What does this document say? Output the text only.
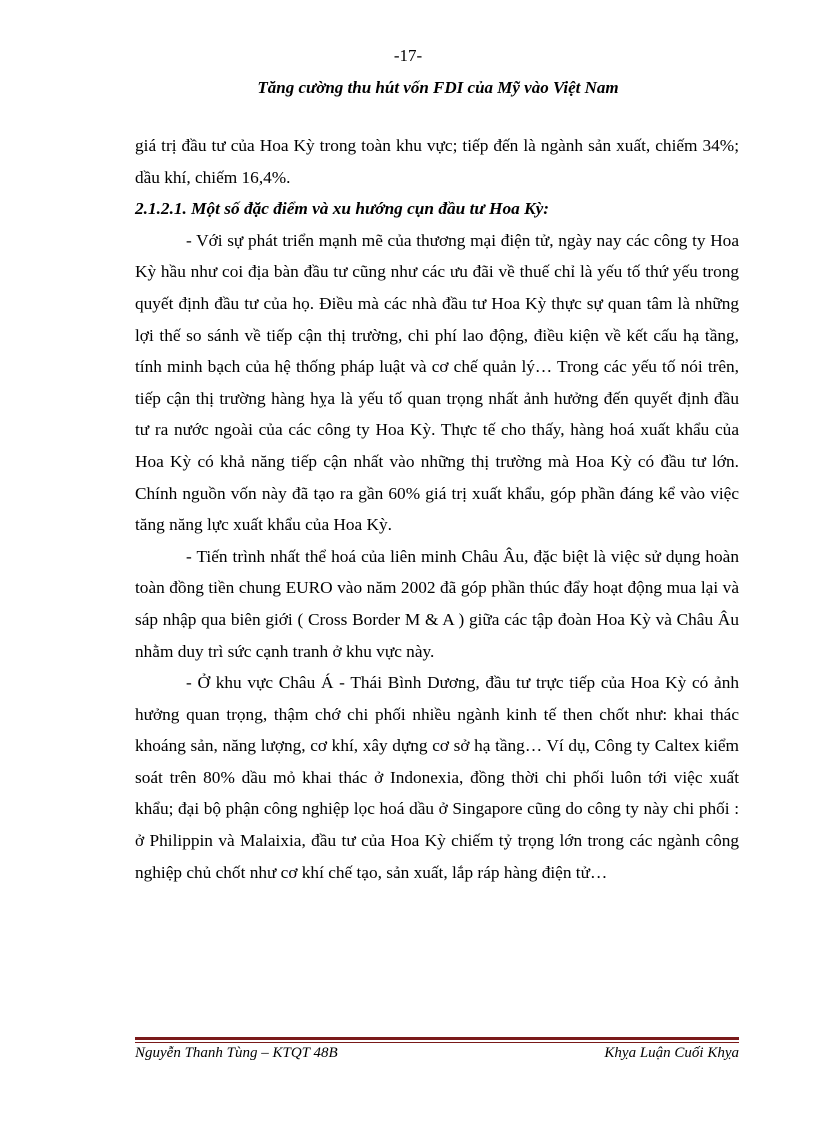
-17-
Tăng cường thu hút vốn FDI của Mỹ vào Việt Nam

giá trị đầu tư của Hoa Kỳ trong toàn khu vực; tiếp đến là ngành sản xuất, chiếm 34%; dầu khí, chiếm 16,4%.

2.1.2.1. Một số đặc điểm và xu hướng cụn đầu tư Hoa Kỳ:

- Với sự phát triển mạnh mẽ của thương mại điện tử, ngày nay các công ty Hoa Kỳ hầu như coi địa bàn đầu tư cũng như các ưu đãi về thuế chỉ là yếu tố thứ yếu trong quyết định đầu tư của họ. Điều mà các nhà đầu tư Hoa Kỳ thực sự quan tâm là những lợi thế so sánh về tiếp cận thị trường, chi phí lao động, điều kiện về kết cấu hạ tầng, tính minh bạch của hệ thống pháp luật và cơ chế quản lý… Trong các yếu tố nói trên, tiếp cận thị trường hàng hỵa là yếu tố quan trọng nhất ảnh hưởng đến quyết định đầu tư ra nước ngoài của các công ty Hoa Kỳ. Thực tế cho thấy, hàng hoá xuất khẩu của Hoa Kỳ có khả năng tiếp cận nhất vào những thị trường mà Hoa Kỳ có đầu tư lớn. Chính nguồn vốn này đã tạo ra gần 60% giá trị xuất khẩu, góp phần đáng kể vào việc tăng năng lực xuất khẩu của Hoa Kỳ.

- Tiến trình nhất thể hoá của liên minh Châu Âu, đặc biệt là việc sử dụng hoàn toàn đồng tiền chung EURO vào năm 2002 đã góp phần thúc đẩy hoạt động mua lại và sáp nhập qua biên giới ( Cross Border M & A ) giữa các tập đoàn Hoa Kỳ và Châu Âu nhằm duy trì sức cạnh tranh ở khu vực này.

- Ở khu vực Châu Á - Thái Bình Dương, đầu tư trực tiếp của Hoa Kỳ có ảnh hưởng quan trọng, thậm chớ chi phối nhiều ngành kinh tế then chốt như: khai thác khoáng sản, năng lượng, cơ khí, xây dựng cơ sở hạ tầng… Ví dụ, Công ty Caltex kiểm soát trên 80% dầu mỏ khai thác ở Indonexia, đồng thời chi phối luôn tới việc xuất khẩu; đại bộ phận công nghiệp lọc hoá dầu ở Singapore cũng do công ty này chi phối : ở Philippin và Malaixia, đầu tư của Hoa Kỳ chiếm tỷ trọng lớn trong các ngành công nghiệp chủ chốt như cơ khí chế tạo, sản xuất, lắp ráp hàng điện tử…

Nguyễn Thanh Tùng – KTQT 48B	Khỵa Luận Cuối Khỵa
